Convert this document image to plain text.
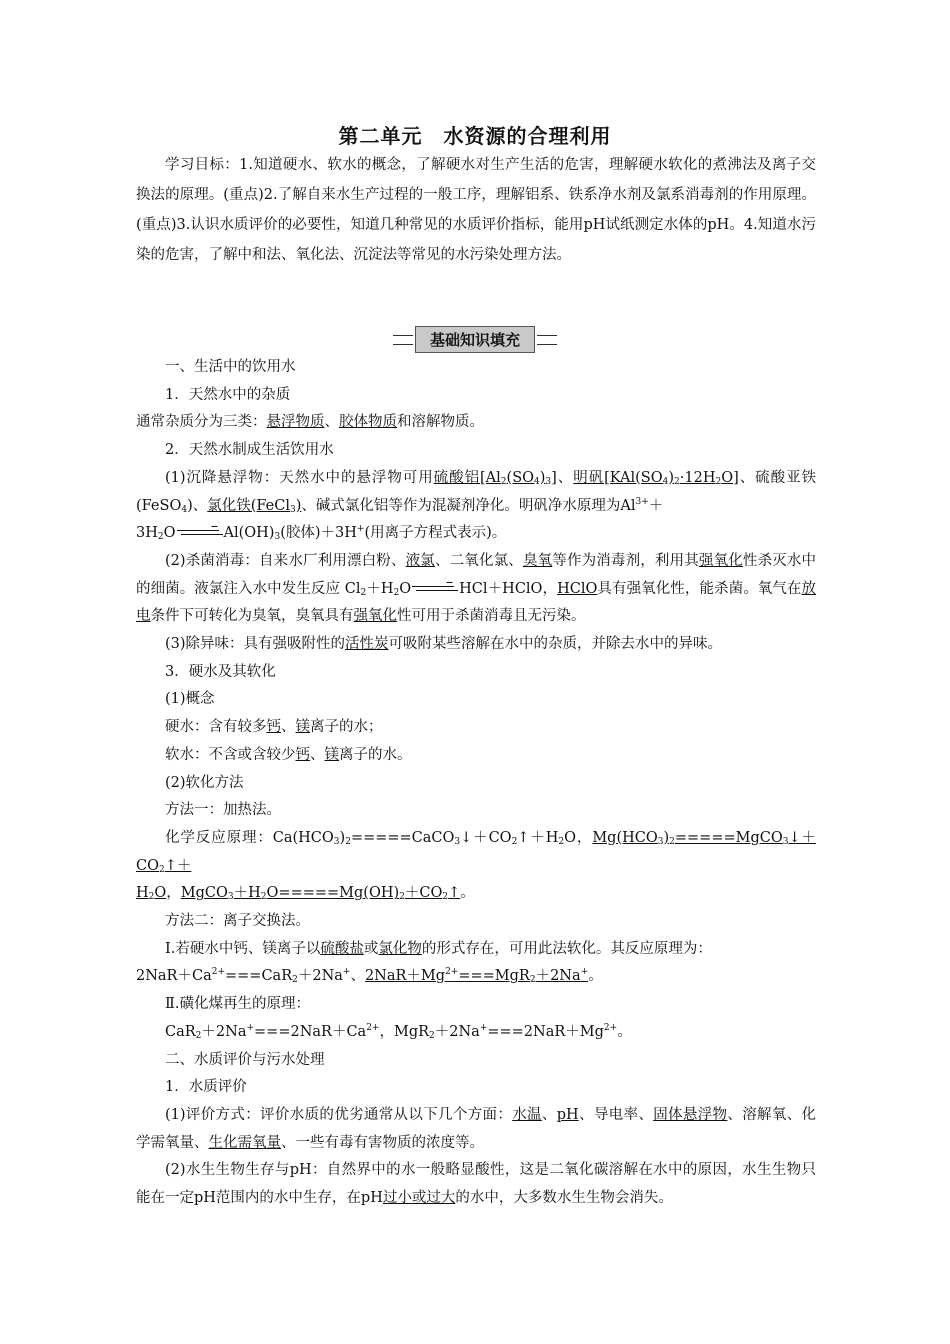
第二单元　水资源的合理利用
学习目标：1.知道硬水、软水的概念，了解硬水对生产生活的危害，理解硬水软化的煮沸法及离子交换法的原理。(重点)2.了解自来水生产过程的一般工序，理解铝系、铁系净水剂及氯系消毒剂的作用原理。(重点)3.认识水质评价的必要性，知道几种常见的水质评价指标，能用pH试纸测定水体的pH。4.知道水污染的危害，了解中和法、氧化法、沉淀法等常见的水污染处理方法。
基础知识填充

一、生活中的饮用水

1．天然水中的杂质

通常杂质分为三类：悬浮物质、胶体物质和溶解物质。

2．天然水制成生活饮用水

(1)沉降悬浮物：天然水中的悬浮物可用硫酸铝$[Al_2(SO_4)_3]$、明矾$[KAl(SO_4)_2\cdot 12H_2O]$、硫酸亚铁(FeSO$_4$)、氯化铁(FeCl$_3$)、碱式氯化铝等作为混凝剂净化。明矾净水原理为$Al^{3+}+$
$3H_2O\to Al(OH)_3$(胶体)＋3H+(用离子方程式表示)。

(2)杀菌消毒：自来水厂利用漂白粉、液氯、二氧化氯、臭氧等作为消毒剂，利用其强氧化性杀灭水中的细菌。液氯注入水中发生反应 $Cl_2+H_2O\to HCl+HClO$，HClO具有强氧化性，能杀菌。氧气在放电条件下可转化为臭氧，臭氧具有强氧化性可用于杀菌消毒且无污染。

(3)除异味：具有强吸附性的活性炭可吸附某些溶解在水中的杂质，并除去水中的异味。

3．硬水及其软化

(1)概念

硬水：含有较多钙、镁离子的水；

软水：不含或含较少钙、镁离子的水。

(2)软化方法

方法一：加热法。

化学反应原理：$Ca(HCO_3)_2=====CaCO_3↓+CO_2↑+H_2O$，$Mg(HCO_3)_2=====MgCO_3↓+CO_2↑+$
$H_2O$，$MgCO_3+H_2O=====Mg(OH)_2+CO_2↑$。

方法二：离子交换法。

Ⅰ.若硬水中钙、镁离子以硫酸盐或氯化物的形式存在，可用此法软化。其反应原理为：
$2NaR+Ca^{2+}===CaR_2+2Na^+$、$2NaR+Mg^{2+}===MgR_2+2Na^+$。

Ⅱ.磺化煤再生的原理：

$CaR_2+2Na^+===2NaR+Ca^{2+}$，$MgR_2+2Na^+===2NaR+Mg^{2+}$。

二、水质评价与污水处理

1．水质评价

(1)评价方式：评价水质的优劣通常从以下几个方面：水温、pH、导电率、固体悬浮物、溶解氧、化学需氧量、生化需氧量、一些有毒有害物质的浓度等。

(2)水生生物生存与pH：自然界中的水一般略显酸性，这是二氧化碳溶解在水中的原因，水生生物只能在一定pH范围内的水中生存，在pH过小或过大的水中，大多数水生生物会消失。
